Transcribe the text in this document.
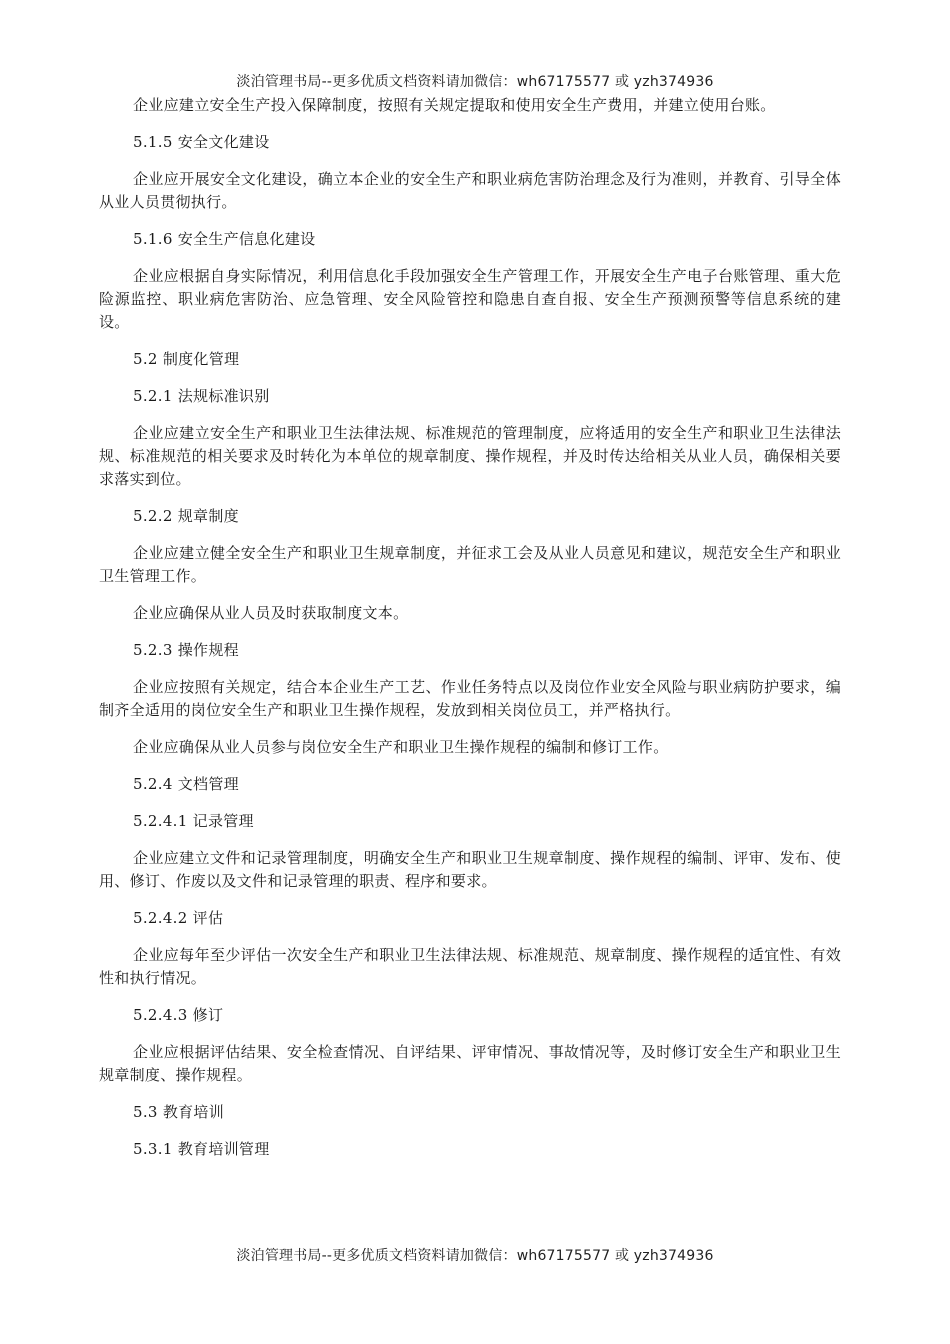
淡泊管理书局--更多优质文档资料请加微信：wh67175577 或 yzh374936

企业应建立安全生产投入保障制度，按照有关规定提取和使用安全生产费用，并建立使用台账。

5.1.5 安全文化建设

企业应开展安全文化建设，确立本企业的安全生产和职业病危害防治理念及行为准则，并教育、引导全体从业人员贯彻执行。

5.1.6 安全生产信息化建设

企业应根据自身实际情况，利用信息化手段加强安全生产管理工作，开展安全生产电子台账管理、重大危险源监控、职业病危害防治、应急管理、安全风险管控和隐患自查自报、安全生产预测预警等信息系统的建设。

5.2 制度化管理

5.2.1 法规标准识别

企业应建立安全生产和职业卫生法律法规、标准规范的管理制度，应将适用的安全生产和职业卫生法律法规、标准规范的相关要求及时转化为本单位的规章制度、操作规程，并及时传达给相关从业人员，确保相关要求落实到位。

5.2.2 规章制度

企业应建立健全安全生产和职业卫生规章制度，并征求工会及从业人员意见和建议，规范安全生产和职业卫生管理工作。

企业应确保从业人员及时获取制度文本。

5.2.3 操作规程

企业应按照有关规定，结合本企业生产工艺、作业任务特点以及岗位作业安全风险与职业病防护要求，编制齐全适用的岗位安全生产和职业卫生操作规程，发放到相关岗位员工，并严格执行。

企业应确保从业人员参与岗位安全生产和职业卫生操作规程的编制和修订工作。

5.2.4 文档管理

5.2.4.1 记录管理

企业应建立文件和记录管理制度，明确安全生产和职业卫生规章制度、操作规程的编制、评审、发布、使用、修订、作废以及文件和记录管理的职责、程序和要求。

5.2.4.2 评估

企业应每年至少评估一次安全生产和职业卫生法律法规、标准规范、规章制度、操作规程的适宜性、有效性和执行情况。

5.2.4.3 修订

企业应根据评估结果、安全检查情况、自评结果、评审情况、事故情况等，及时修订安全生产和职业卫生规章制度、操作规程。

5.3 教育培训

5.3.1 教育培训管理

淡泊管理书局--更多优质文档资料请加微信：wh67175577 或 yzh374936
